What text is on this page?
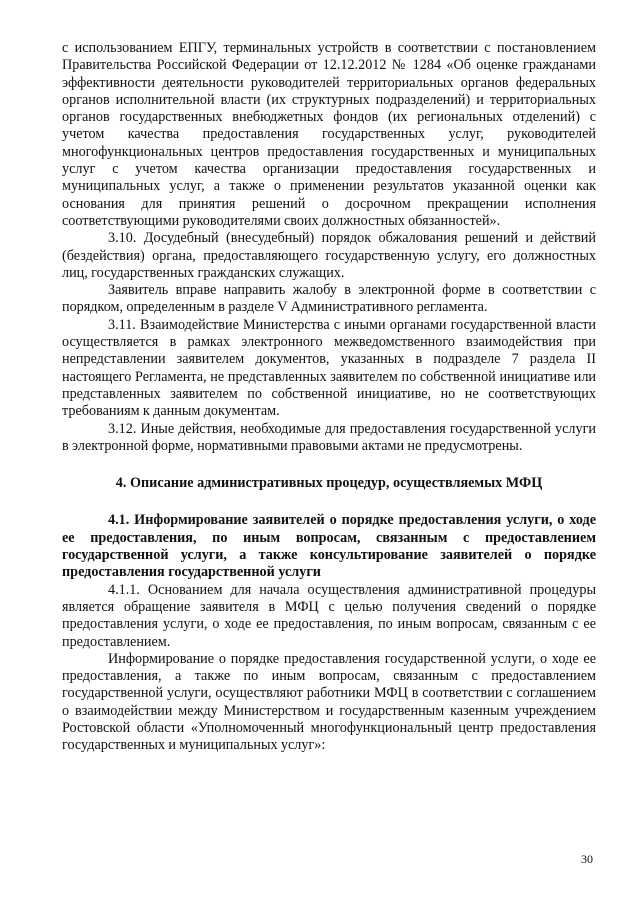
с использованием ЕПГУ, терминальных устройств в соответствии с постановлением Правительства Российской Федерации от 12.12.2012 № 1284 «Об оценке гражданами эффективности деятельности руководителей территориальных органов федеральных органов исполнительной власти (их структурных подразделений) и территориальных органов государственных внебюджетных фондов (их региональных отделений) с учетом качества предоставления государственных услуг, руководителей многофункциональных центров предоставления государственных и муниципальных услуг с учетом качества организации предоставления государственных и муниципальных услуг, а также о применении результатов указанной оценки как основания для принятия решений о досрочном прекращении исполнения соответствующими руководителями своих должностных обязанностей».

3.10. Досудебный (внесудебный) порядок обжалования решений и действий (бездействия) органа, предоставляющего государственную услугу, его должностных лиц, государственных гражданских служащих.

Заявитель вправе направить жалобу в электронной форме в соответствии с порядком, определенным в разделе V Административного регламента.

3.11. Взаимодействие Министерства с иными органами государственной власти осуществляется в рамках электронного межведомственного взаимодействия при непредставлении заявителем документов, указанных в подразделе 7 раздела II настоящего Регламента, не представленных заявителем по собственной инициативе или представленных заявителем по собственной инициативе, но не соответствующих требованиям к данным документам.

3.12. Иные действия, необходимые для предоставления государственной услуги в электронной форме, нормативными правовыми актами не предусмотрены.

4. Описание административных процедур, осуществляемых МФЦ
4.1. Информирование заявителей о порядке предоставления услуги, о ходе ее предоставления, по иным вопросам, связанным с предоставлением государственной услуги, а также консультирование заявителей о порядке предоставления государственной услуги

4.1.1. Основанием для начала осуществления административной процедуры является обращение заявителя в МФЦ с целью получения сведений о порядке предоставления услуги, о ходе ее предоставления, по иным вопросам, связанным с ее предоставлением.

Информирование о порядке предоставления государственной услуги, о ходе ее предоставления, а также по иным вопросам, связанным с предоставлением государственной услуги, осуществляют работники МФЦ в соответствии с соглашением о взаимодействии между Министерством и государственным казенным учреждением Ростовской области «Уполномоченный многофункциональный центр предоставления государственных и муниципальных услуг»:

30
